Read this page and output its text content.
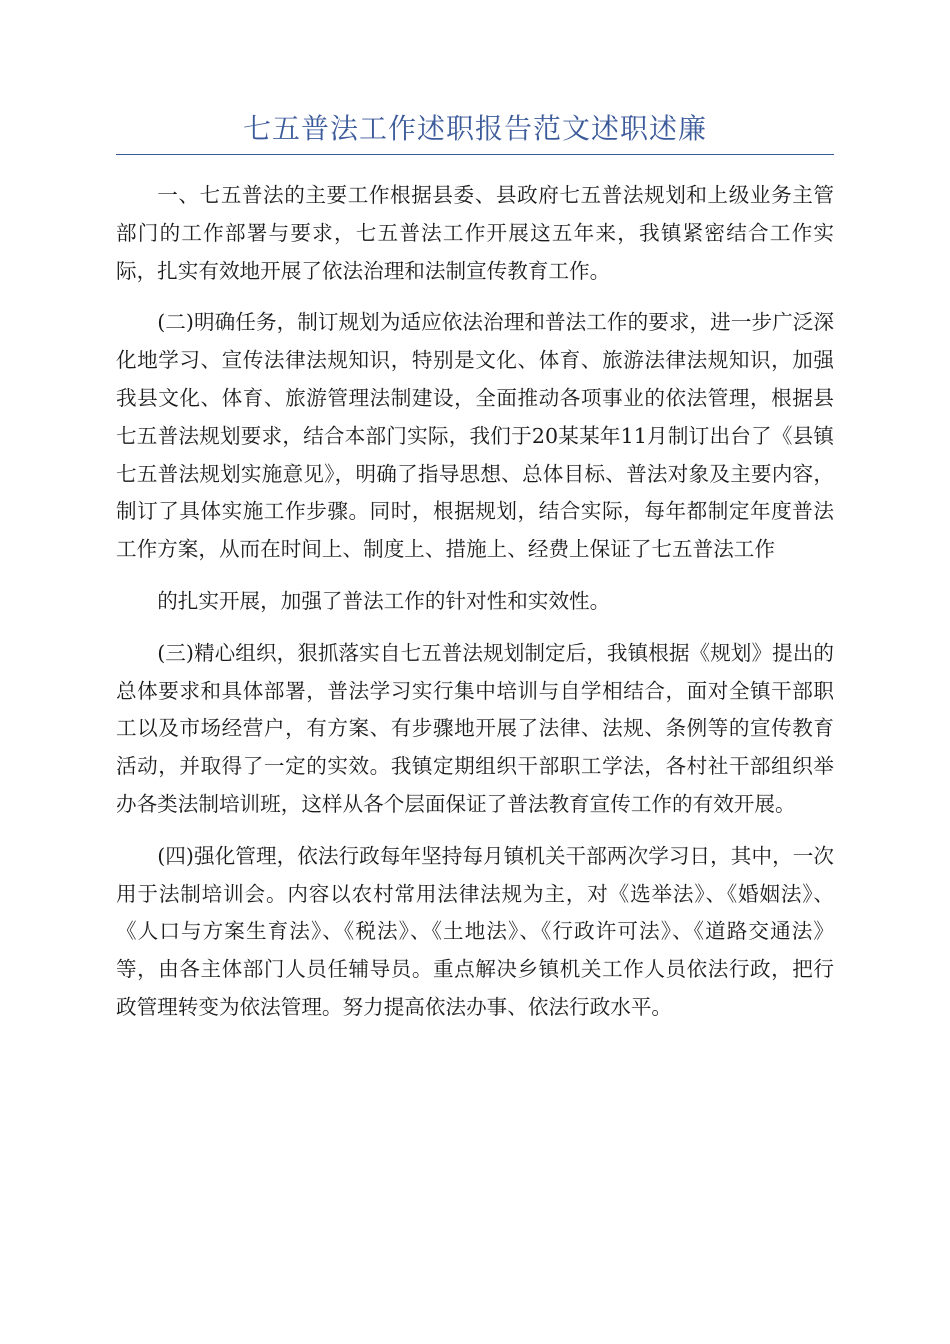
七五普法工作述职报告范文述职述廉

一、七五普法的主要工作根据县委、县政府七五普法规划和上级业务主管部门的工作部署与要求，七五普法工作开展这五年来，我镇紧密结合工作实际，扎实有效地开展了依法治理和法制宣传教育工作。

(二)明确任务，制订规划为适应依法治理和普法工作的要求，进一步广泛深化地学习、宣传法律法规知识，特别是文化、体育、旅游法律法规知识，加强我县文化、体育、旅游管理法制建设，全面推动各项事业的依法管理，根据县七五普法规划要求，结合本部门实际，我们于20某某年11月制订出台了《县镇七五普法规划实施意见》，明确了指导思想、总体目标、普法对象及主要内容，制订了具体实施工作步骤。同时，根据规划，结合实际，每年都制定年度普法工作方案，从而在时间上、制度上、措施上、经费上保证了七五普法工作

的扎实开展，加强了普法工作的针对性和实效性。

(三)精心组织，狠抓落实自七五普法规划制定后，我镇根据《规划》提出的总体要求和具体部署，普法学习实行集中培训与自学相结合，面对全镇干部职工以及市场经营户，有方案、有步骤地开展了法律、法规、条例等的宣传教育活动，并取得了一定的实效。我镇定期组织干部职工学法，各村社干部组织举办各类法制培训班，这样从各个层面保证了普法教育宣传工作的有效开展。

(四)强化管理，依法行政每年坚持每月镇机关干部两次学习日，其中，一次用于法制培训会。内容以农村常用法律法规为主，对《选举法》、《婚姻法》、《人口与方案生育法》、《税法》、《土地法》、《行政许可法》、《道路交通法》等，由各主体部门人员任辅导员。重点解决乡镇机关工作人员依法行政，把行政管理转变为依法管理。努力提高依法办事、依法行政水平。
